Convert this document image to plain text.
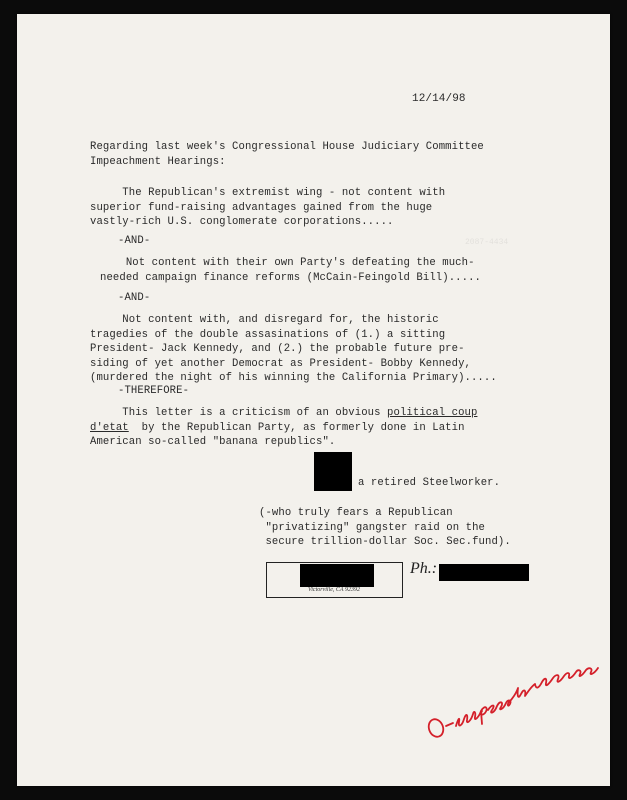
12/14/98
Regarding last week's Congressional House Judiciary Committee
Impeachment Hearings:
The Republican's extremist wing - not content with
superior fund-raising advantages gained from the huge
vastly-rich U.S. conglomerate corporations.....
-AND-
Not content with their own Party's defeating the much-
needed campaign finance reforms (McCain-Feingold Bill).....
-AND-
Not content with, and disregard for, the historic
tragedies of the double assasinations of (1.) a sitting
President- Jack Kennedy, and (2.) the probable future pre-
siding of yet another Democrat as President- Bobby Kennedy,
(murdered the night of his winning the California Primary).....
-THEREFORE-
This letter is a criticism of an obvious political coup
d'etat  by the Republican Party, as formerly done in Latin
American so-called "banana republics".
a retired Steelworker.
(-who truly fears a Republican
"privatizing" gangster raid on the
secure trillion-dollar Soc. Sec.fund).
Victorville, CA 92392
Ph.:
2087-4434
